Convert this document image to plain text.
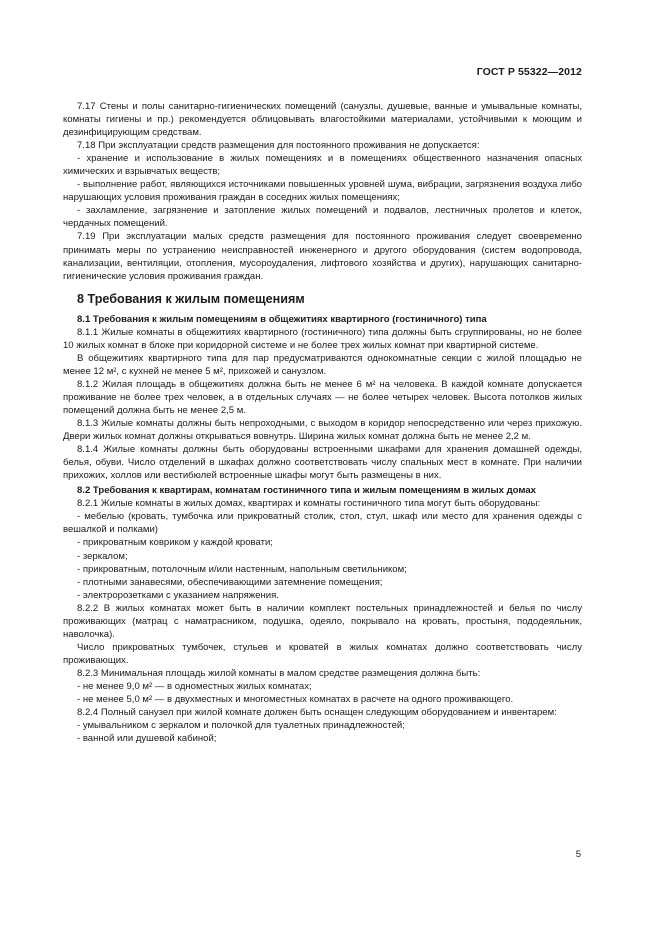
ГОСТ Р 55322—2012

7.17 Стены и полы санитарно-гигиенических помещений (санузлы, душевые, ванные и умывальные комнаты, комнаты гигиены и пр.) рекомендуется облицовывать влагостойкими материалами, устойчивыми к моющим и дезинфицирующим средствам.

7.18 При эксплуатации средств размещения для постоянного проживания не допускается:

- хранение и использование в жилых помещениях и в помещениях общественного назначения опасных химических и взрывчатых веществ;

- выполнение работ, являющихся источниками повышенных уровней шума, вибрации, загрязнения воздуха либо нарушающих условия проживания граждан в соседних жилых помещениях;

- захламление, загрязнение и затопление жилых помещений и подвалов, лестничных пролетов и клеток, чердачных помещений.

7.19 При эксплуатации малых средств размещения для постоянного проживания следует своевременно принимать меры по устранению неисправностей инженерного и другого оборудования (систем водопровода, канализации, вентиляции, отопления, мусороудаления, лифтового хозяйства и других), нарушающих санитарно-гигиенические условия проживания граждан.

8 Требования к жилым помещениям

8.1 Требования к жилым помещениям в общежитиях квартирного (гостиничного) типа

8.1.1 Жилые комнаты в общежитиях квартирного (гостиничного) типа должны быть сгруппированы, но не более 10 жилых комнат в блоке при коридорной системе и не более трех жилых комнат при квартирной системе.

В общежитиях квартирного типа для пар предусматриваются однокомнатные секции с жилой площадью не менее 12 м², с кухней не менее 5 м², прихожей и санузлом.

8.1.2 Жилая площадь в общежитиях должна быть не менее 6 м² на человека. В каждой комнате допускается проживание не более трех человек, а в отдельных случаях — не более четырех человек. Высота потолков жилых помещений должна быть не менее 2,5 м.

8.1.3 Жилые комнаты должны быть непроходными, с выходом в коридор непосредственно или через прихожую. Двери жилых комнат должны открываться вовнутрь. Ширина жилых комнат должна быть не менее 2,2 м.

8.1.4 Жилые комнаты должны быть оборудованы встроенными шкафами для хранения домашней одежды, белья, обуви. Число отделений в шкафах должно соответствовать числу спальных мест в комнате. При наличии прихожих, холлов или вестибюлей встроенные шкафы могут быть размещены в них.

8.2 Требования к квартирам, комнатам гостиничного типа и жилым помещениям в жилых домах

8.2.1 Жилые комнаты в жилых домах, квартирах и комнаты гостиничного типа могут быть оборудованы:

- мебелью (кровать, тумбочка или прикроватный столик, стол, стул, шкаф или место для хранения одежды с вешалкой и полками)

- прикроватным ковриком у каждой кровати;

- зеркалом;

- прикроватным, потолочным и/или настенным, напольным светильником;

- плотными занавесями, обеспечивающими затемнение помещения;

- электророзетками с указанием напряжения.

8.2.2 В жилых комнатах может быть в наличии комплект постельных принадлежностей и белья по числу проживающих (матрац с наматрасником, подушка, одеяло, покрывало на кровать, простыня, пододеяльник, наволочка).

Число прикроватных тумбочек, стульев и кроватей в жилых комнатах должно соответствовать числу проживающих.

8.2.3 Минимальная площадь жилой комнаты в малом средстве размещения должна быть:

- не менее 9,0 м² — в одноместных жилых комнатах;

- не менее 5,0 м² — в двухместных и многоместных комнатах в расчете на одного проживающего.

8.2.4 Полный санузел при жилой комнате должен быть оснащен следующим оборудованием и инвентарем:

- умывальником с зеркалом и полочкой для туалетных принадлежностей;

- ванной или душевой кабиной;

5
